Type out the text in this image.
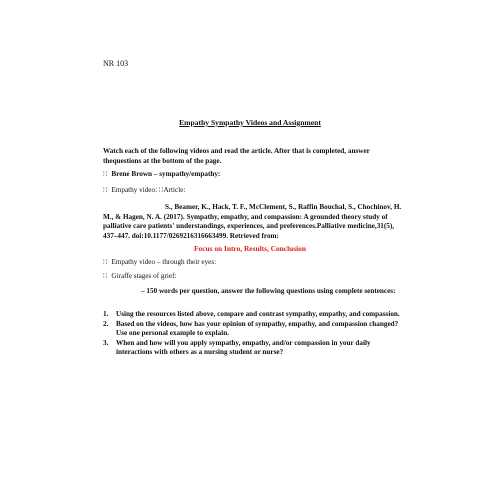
NR 103
Empathy Sympathy Videos and Assignment
Watch each of the following videos and read the article. After that is completed, answer thequestions at the bottom of the page.
∷ Brene Brown – sympathy/empathy:
∷ Empathy video: ∷Article:
S., Beamer, K., Hack, T. F., McClement, S., Raffin Bouchal, S., Chochinov, H. M., & Hagen, N. A. (2017). Sympathy, empathy, and compassion: A grounded theory study of palliative care patients' understandings, experiences, and preferences.Palliative medicine,31(5), 437–447. doi:10.1177/0269216316663499. Retrieved from:
Focus on Intro, Results, Conclusion
∷ Empathy video – through their eyes:
∷ Giraffe stages of grief:
– 150 words per question, answer the following questions using complete sentences:
1.	Using the resources listed above, compare and contrast sympathy, empathy, and compassion.
2.	Based on the videos, how has your opinion of sympathy, empathy, and compassion changed? Use one personal example to explain.
3.	When and how will you apply sympathy, empathy, and/or compassion in your daily interactions with others as a nursing student or nurse?
